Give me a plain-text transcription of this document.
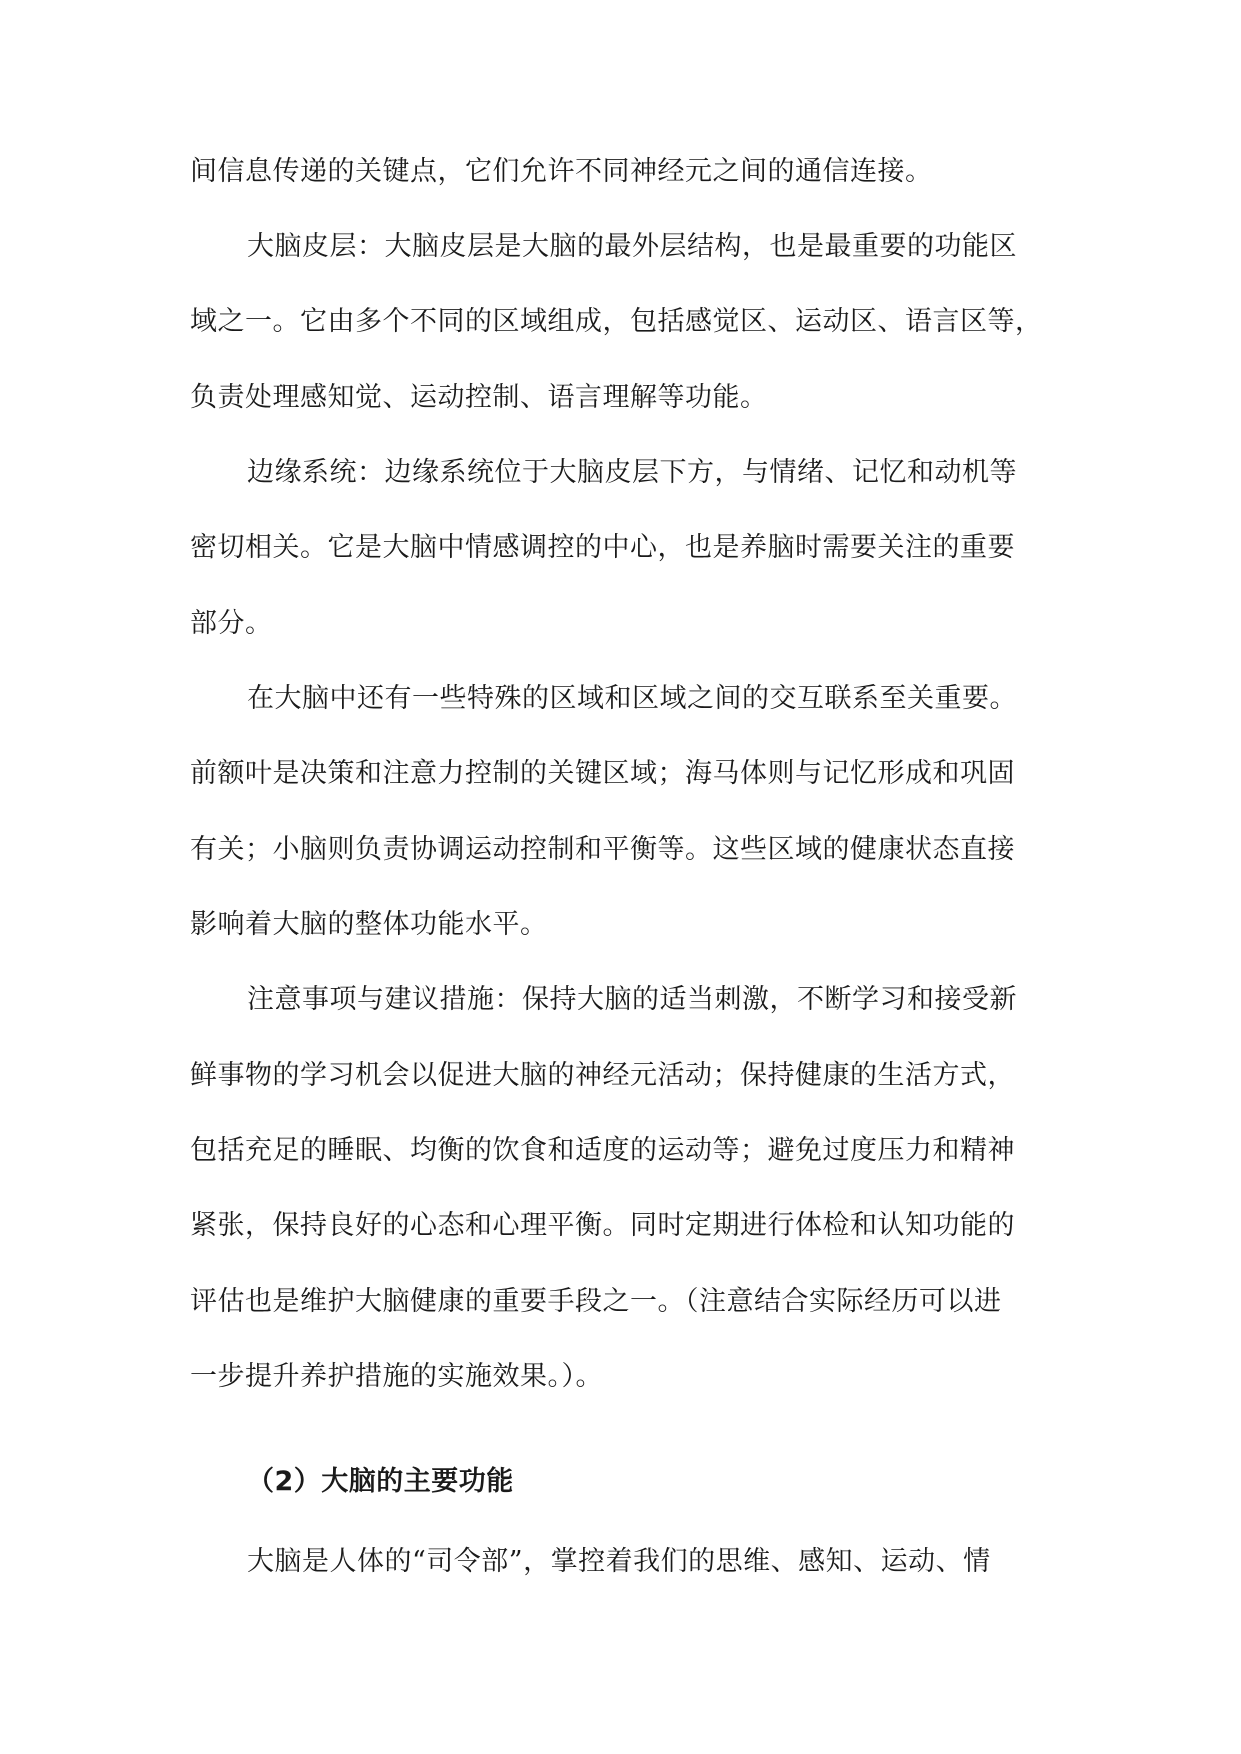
间信息传递的关键点，它们允许不同神经元之间的通信连接。
大脑皮层：大脑皮层是大脑的最外层结构，也是最重要的功能区
域之一。它由多个不同的区域组成，包括感觉区、运动区、语言区等，
负责处理感知觉、运动控制、语言理解等功能。
边缘系统：边缘系统位于大脑皮层下方，与情绪、记忆和动机等
密切相关。它是大脑中情感调控的中心，也是养脑时需要关注的重要
部分。
在大脑中还有一些特殊的区域和区域之间的交互联系至关重要。
前额叶是决策和注意力控制的关键区域；海马体则与记忆形成和巩固
有关；小脑则负责协调运动控制和平衡等。这些区域的健康状态直接
影响着大脑的整体功能水平。
注意事项与建议措施：保持大脑的适当刺激，不断学习和接受新
鲜事物的学习机会以促进大脑的神经元活动；保持健康的生活方式，
包括充足的睡眠、均衡的饮食和适度的运动等；避免过度压力和精神
紧张，保持良好的心态和心理平衡。同时定期进行体检和认知功能的
评估也是维护大脑健康的重要手段之一。（注意结合实际经历可以进
一步提升养护措施的实施效果。）。
（2）大脑的主要功能
大脑是人体的“司令部”，掌控着我们的思维、感知、运动、情
